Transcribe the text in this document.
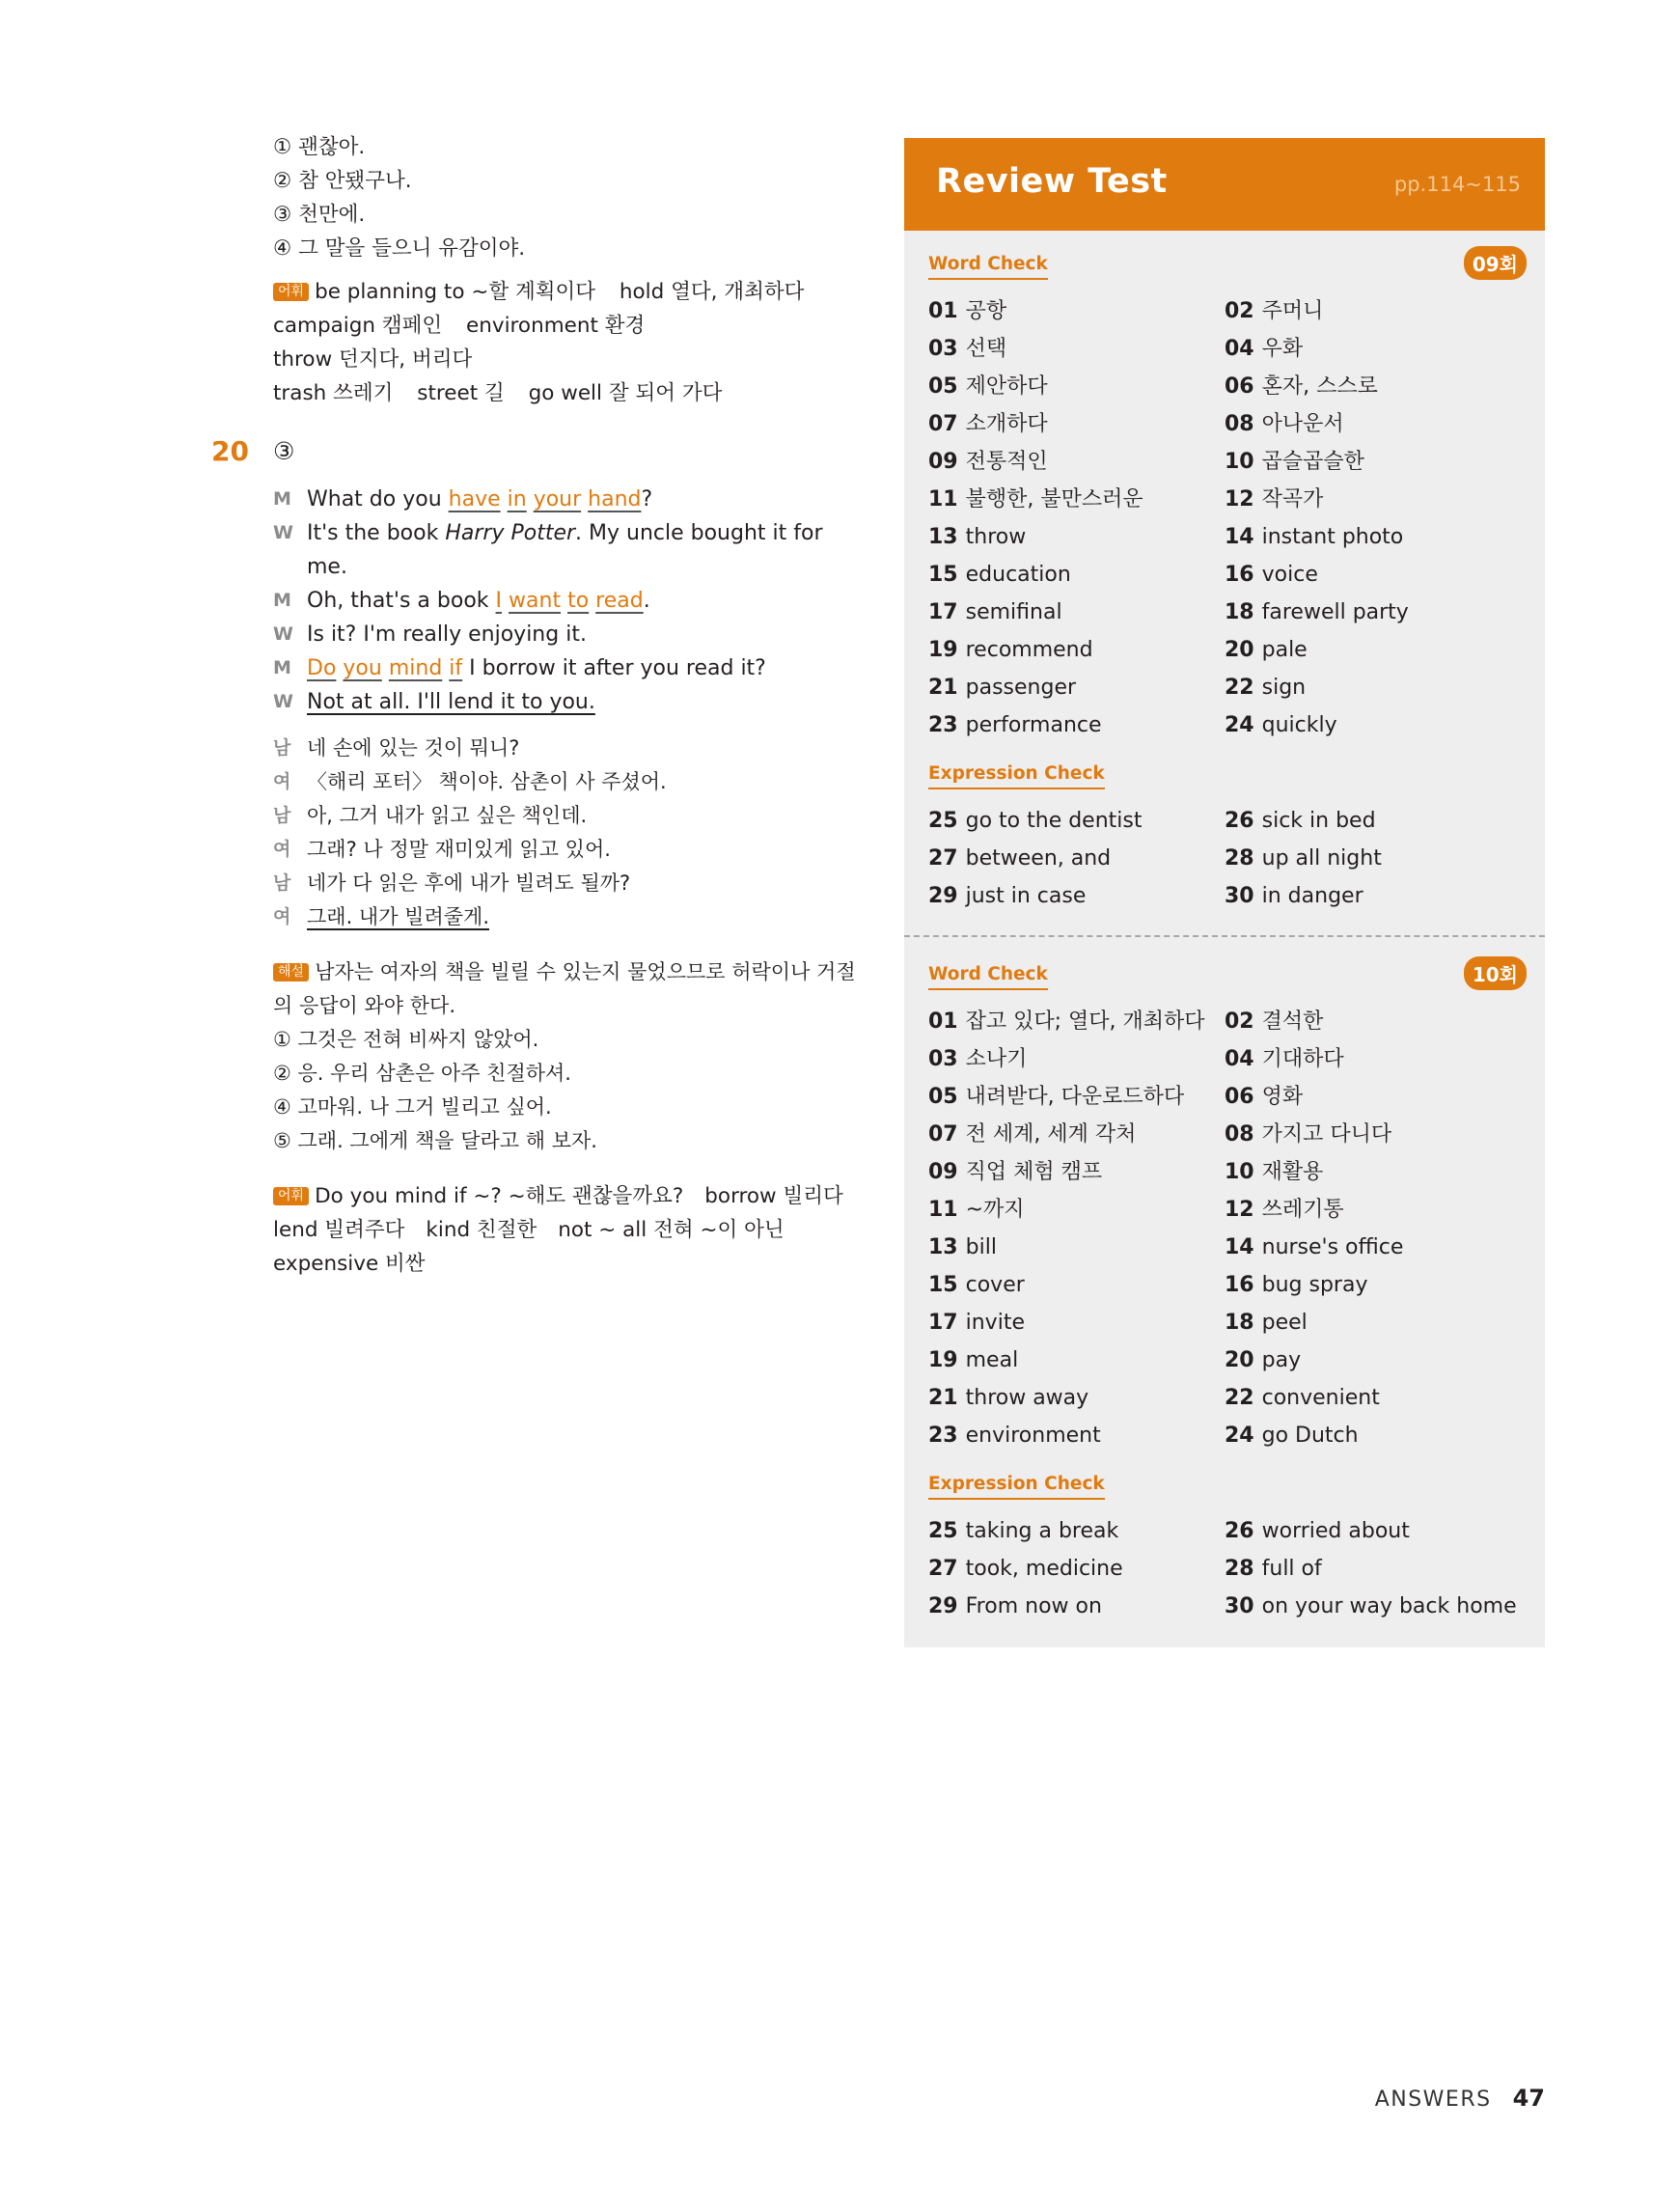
① 괜찮아.
② 참 안됐구나.
③ 천만에.
④ 그 말을 들으니 유감이야.
어휘 be planning to ~할 계획이다 hold 열다, 개최하다
campaign 캠페인 environment 환경 throw 던지다, 버리다
trash 쓰레기 street 길 go well 잘 되어 가다
20	③
M What do you have in your hand?
W It's the book Harry Potter. My uncle bought it for me.
M Oh, that's a book I want to read.
W Is it? I'm really enjoying it.
M Do you mind if I borrow it after you read it?
W Not at all. I'll lend it to you.
남 네 손에 있는 것이 뭐니?
여 〈해리 포터〉 책이야. 삼촌이 사 주셨어.
남 아, 그거 내가 읽고 싶은 책인데.
여 그래? 나 정말 재미있게 읽고 있어.
남 네가 다 읽은 후에 내가 빌려도 될까?
여 그래. 내가 빌려줄게.
해설 남자는 여자의 책을 빌릴 수 있는지 물었으므로 허락이나 거절의 응답이 와야 한다.
① 그것은 전혀 비싸지 않았어.
② 응. 우리 삼촌은 아주 친절하셔.
④ 고마워. 나 그거 빌리고 싶어.
⑤ 그래. 그에게 책을 달라고 해 보자.
어휘 Do you mind if ~? ~해도 괜찮을까요? borrow 빌리다
lend 빌려주다 kind 친절한 not ~ all 전혀 ~이 아닌
expensive 비싼
Review Test	pp.114~115
Word Check	09회
01 공항	02 주머니
03 선택	04 우화
05 제안하다	06 혼자, 스스로
07 소개하다	08 아나운서
09 전통적인	10 곱슬곱슬한
11 불행한, 불만스러운	12 작곡가
13 throw	14 instant photo
15 education	16 voice
17 semifinal	18 farewell party
19 recommend	20 pale
21 passenger	22 sign
23 performance	24 quickly
Expression Check
25 go to the dentist	26 sick in bed
27 between, and	28 up all night
29 just in case	30 in danger
Word Check	10회
01 잡고 있다; 열다, 개최하다 02 결석한
03 소나기	04 기대하다
05 내려받다, 다운로드하다	06 영화
07 전 세계, 세계 각처	08 가지고 다니다
09 직업 체험 캠프	10 재활용
11 ~까지	12 쓰레기통
13 bill	14 nurse's office
15 cover	16 bug spray
17 invite	18 peel
19 meal	20 pay
21 throw away	22 convenient
23 environment	24 go Dutch
Expression Check
25 taking a break	26 worried about
27 took, medicine	28 full of
29 From now on	30 on your way back home
ANSWERS 47
